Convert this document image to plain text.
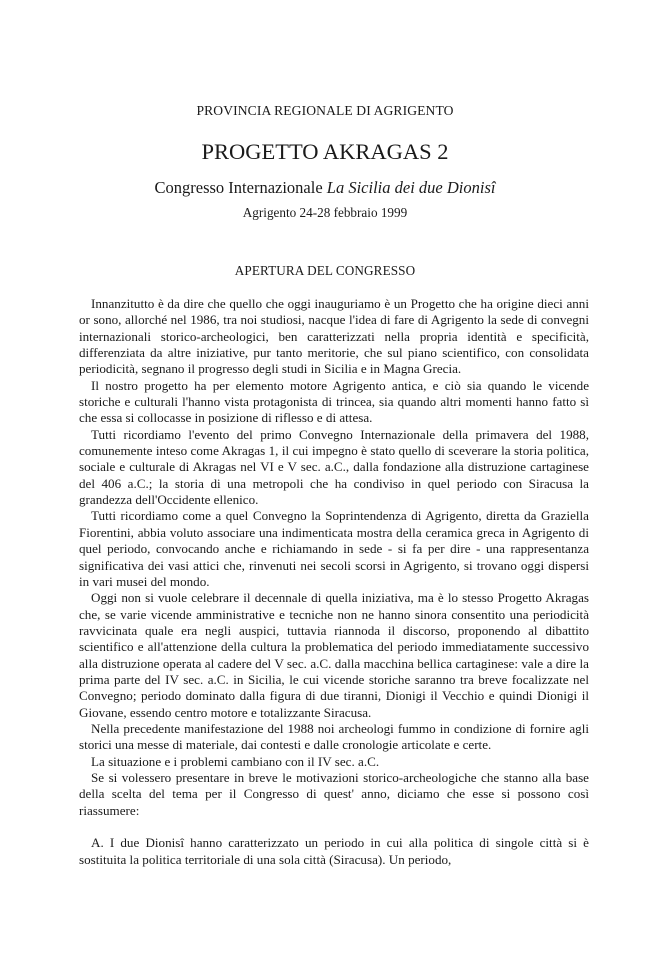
PROVINCIA REGIONALE DI AGRIGENTO
PROGETTO AKRAGAS 2
Congresso Internazionale La Sicilia dei due Dionisî
Agrigento 24-28 febbraio 1999
APERTURA DEL CONGRESSO

Innanzitutto è da dire che quello che oggi inauguriamo è un Progetto che ha origine dieci anni or sono, allorché nel 1986, tra noi studiosi, nacque l'idea di fare di Agrigento la sede di convegni internazionali storico-archeologici, ben caratterizzati nella propria identità e specificità, differenziata da altre iniziative, pur tanto meritorie, che sul piano scientifico, con consolidata periodicità, segnano il progresso degli studi in Sicilia e in Magna Grecia.

Il nostro progetto ha per elemento motore Agrigento antica, e ciò sia quando le vicende storiche e culturali l'hanno vista protagonista di trincea, sia quando altri momenti hanno fatto sì che essa si collocasse in posizione di riflesso e di attesa.

Tutti ricordiamo l'evento del primo Convegno Internazionale della primavera del 1988, comunemente inteso come Akragas 1, il cui impegno è stato quello di sceverare la storia politica, sociale e culturale di Akragas nel VI e V sec. a.C., dalla fondazione alla distruzione cartaginese del 406 a.C.; la storia di una metropoli che ha condiviso in quel periodo con Siracusa la grandezza dell'Occidente ellenico.

Tutti ricordiamo come a quel Convegno la Soprintendenza di Agrigento, diretta da Graziella Fiorentini, abbia voluto associare una indimenticata mostra della ceramica greca in Agrigento di quel periodo, convocando anche e richiamando in sede - si fa per dire - una rappresentanza significativa dei vasi attici che, rinvenuti nei secoli scorsi in Agrigento, si trovano oggi dispersi in vari musei del mondo.

Oggi non si vuole celebrare il decennale di quella iniziativa, ma è lo stesso Progetto Akragas che, se varie vicende amministrative e tecniche non ne hanno sinora consentito una periodicità ravvicinata quale era negli auspici, tuttavia riannoda il discorso, proponendo al dibattito scientifico e all'attenzione della cultura la problematica del periodo immediatamente successivo alla distruzione operata al cadere del V sec. a.C. dalla macchina bellica cartaginese: vale a dire la prima parte del IV sec. a.C. in Sicilia, le cui vicende storiche saranno tra breve focalizzate nel Convegno; periodo dominato dalla figura di due tiranni, Dionigi il Vecchio e quindi Dionigi il Giovane, essendo centro motore e totalizzante Siracusa.

Nella precedente manifestazione del 1988 noi archeologi fummo in condizione di fornire agli storici una messe di materiale, dai contesti e dalle cronologie articolate e certe.

La situazione e i problemi cambiano con il IV sec. a.C.

Se si volessero presentare in breve le motivazioni storico-archeologiche che stanno alla base della scelta del tema per il Congresso di quest' anno, diciamo che esse si possono così riassumere:

A. I due Dionisî hanno caratterizzato un periodo in cui alla politica di singole città si è sostituita la politica territoriale di una sola città (Siracusa). Un periodo,
